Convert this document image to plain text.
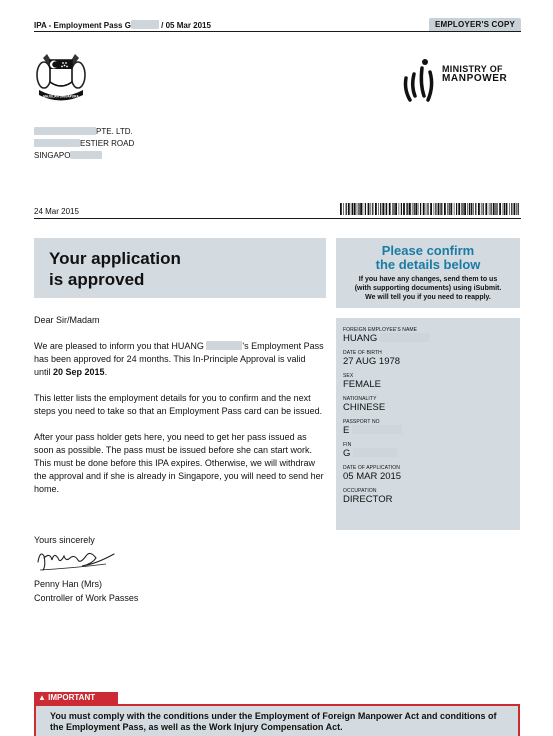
IPA - Employment Pass G	/ 05 Mar 2015	EMPLOYER'S COPY
MAJULAH SINGAPURA
MINISTRY OF
MANPOWER
PTE. LTD.
ESTIER ROAD
SINGAPO
24 Mar 2015
Your application
is approved
Please confirm
the details below
If you have any changes, send them to us
(with supporting documents) using iSubmit.
We will tell you if you need to reapply.

Dear Sir/Madam

We are pleased to inform you that HUANG	's Employment Pass has been approved for 24 months. This In-Principle Approval is valid until 20 Sep 2015.

This letter lists the employment details for you to confirm and the next steps you need to take so that an Employment Pass card can be issued.

After your pass holder gets here, you need to get her pass issued as soon as possible. The pass must be issued before she can start work. This must be done before this IPA expires. Otherwise, we will withdraw the approval and if she is already in Singapore, you will need to send her home.

FOREIGN EMPLOYEE'S NAME
HUANG
DATE OF BIRTH
27 AUG 1978
SEX
FEMALE
NATIONALITY
CHINESE
PASSPORT NO
E
FIN
G
DATE OF APPLICATION
05 MAR 2015
OCCUPATION
DIRECTOR
Yours sincerely
Penny Han (Mrs)
Controller of Work Passes
▲ IMPORTANT
You must comply with the conditions under the Employment of Foreign Manpower Act and conditions of the Employment Pass, as well as the Work Injury Compensation Act.
